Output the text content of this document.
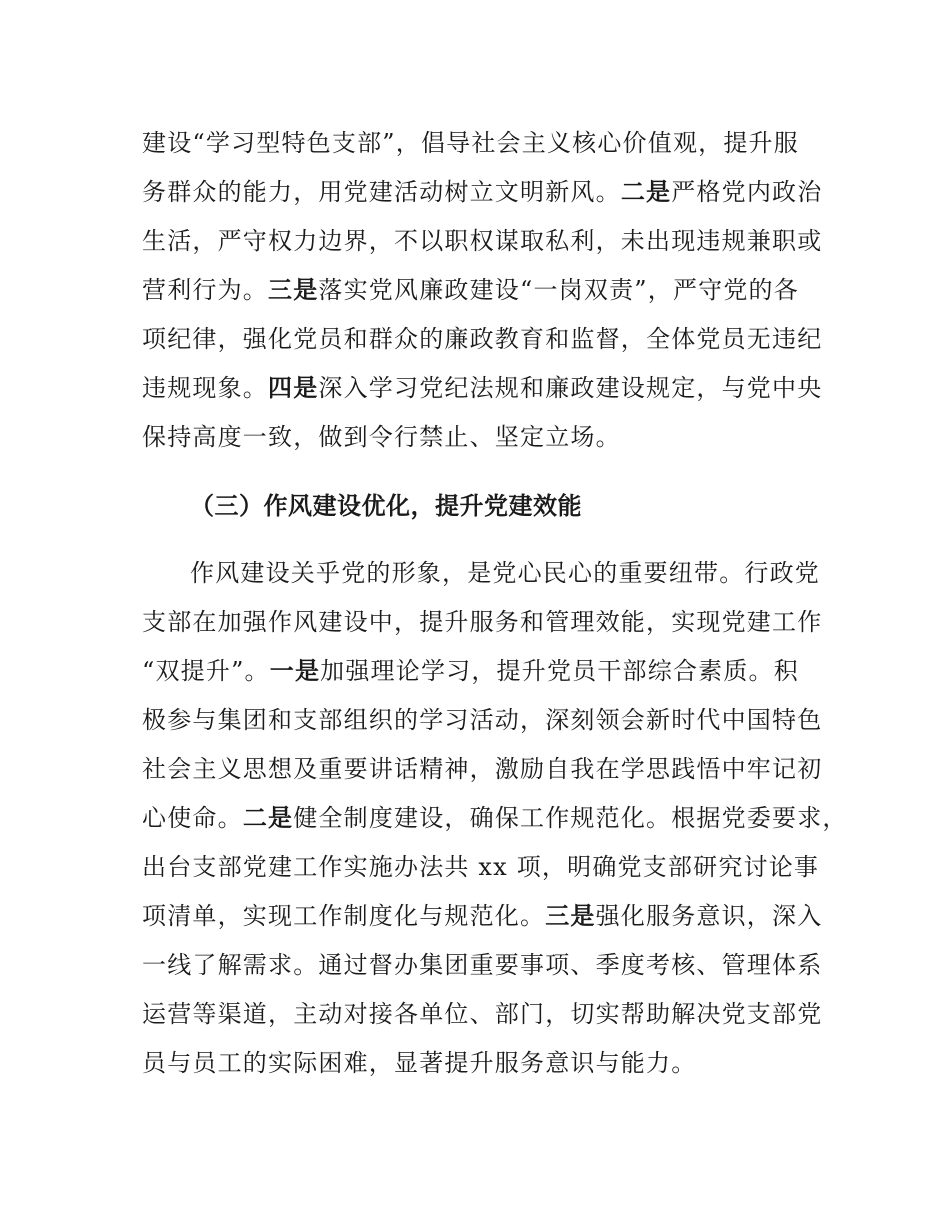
建设“学习型特色支部”，倡导社会主义核心价值观，提升服
务群众的能力，用党建活动树立文明新风。二是严格党内政治
生活，严守权力边界，不以职权谋取私利，未出现违规兼职或
营利行为。三是落实党风廉政建设“一岗双责”，严守党的各
项纪律，强化党员和群众的廉政教育和监督，全体党员无违纪
违规现象。四是深入学习党纪法规和廉政建设规定，与党中央
保持高度一致，做到令行禁止、坚定立场。
（三）作风建设优化，提升党建效能
作风建设关乎党的形象，是党心民心的重要纽带。行政党
支部在加强作风建设中，提升服务和管理效能，实现党建工作
“双提升”。一是加强理论学习，提升党员干部综合素质。积
极参与集团和支部组织的学习活动，深刻领会新时代中国特色
社会主义思想及重要讲话精神，激励自我在学思践悟中牢记初
心使命。二是健全制度建设，确保工作规范化。根据党委要求，
出台支部党建工作实施办法共 xx 项，明确党支部研究讨论事
项清单，实现工作制度化与规范化。三是强化服务意识，深入
一线了解需求。通过督办集团重要事项、季度考核、管理体系
运营等渠道，主动对接各单位、部门，切实帮助解决党支部党
员与员工的实际困难，显著提升服务意识与能力。
